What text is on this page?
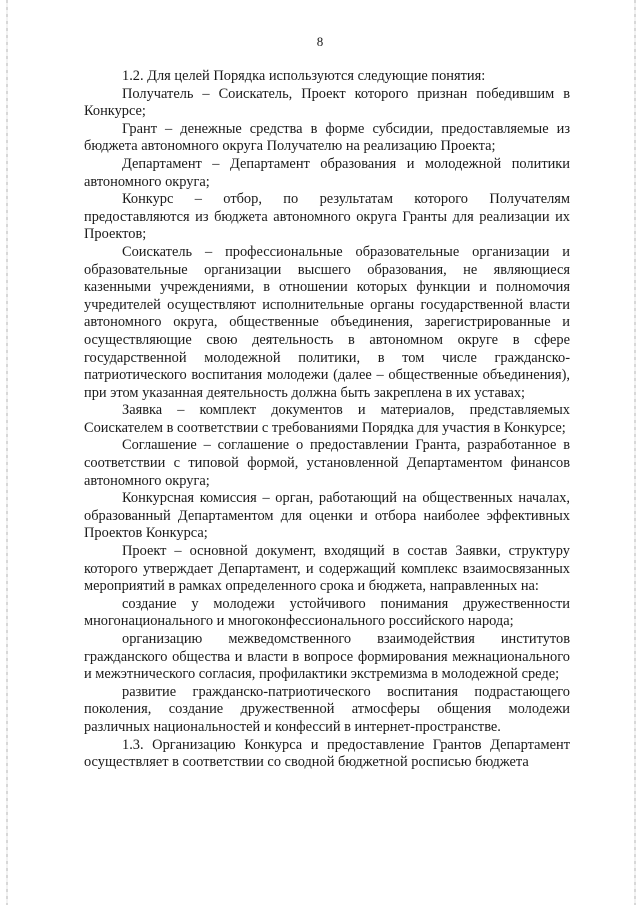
8

1.2. Для целей Порядка используются следующие понятия:

Получатель – Соискатель, Проект которого признан победившим в Конкурсе;

Грант – денежные средства в форме субсидии, предоставляемые из бюджета автономного округа Получателю на реализацию Проекта;

Департамент – Департамент образования и молодежной политики автономного округа;

Конкурс – отбор, по результатам которого Получателям предоставляются из бюджета автономного округа Гранты для реализации их Проектов;

Соискатель – профессиональные образовательные организации и образовательные организации высшего образования, не являющиеся казенными учреждениями, в отношении которых функции и полномочия учредителей осуществляют исполнительные органы государственной власти автономного округа, общественные объединения, зарегистрированные и осуществляющие свою деятельность в автономном округе в сфере государственной молодежной политики, в том числе гражданско-патриотического воспитания молодежи (далее – общественные объединения), при этом указанная деятельность должна быть закреплена в их уставах;

Заявка – комплект документов и материалов, представляемых Соискателем в соответствии с требованиями Порядка для участия в Конкурсе;

Соглашение – соглашение о предоставлении Гранта, разработанное в соответствии с типовой формой, установленной Департаментом финансов автономного округа;

Конкурсная комиссия – орган, работающий на общественных началах, образованный Департаментом для оценки и отбора наиболее эффективных Проектов Конкурса;

Проект – основной документ, входящий в состав Заявки, структуру которого утверждает Департамент, и содержащий комплекс взаимосвязанных мероприятий в рамках определенного срока и бюджета, направленных на:

создание у молодежи устойчивого понимания дружественности многонационального и многоконфессионального российского народа;

организацию межведомственного взаимодействия институтов гражданского общества и власти в вопросе формирования межнационального и межэтнического согласия, профилактики экстремизма в молодежной среде;

развитие гражданско-патриотического воспитания подрастающего поколения, создание дружественной атмосферы общения молодежи различных национальностей и конфессий в интернет-пространстве.

1.3. Организацию Конкурса и предоставление Грантов Департамент осуществляет в соответствии со сводной бюджетной росписью бюджета
